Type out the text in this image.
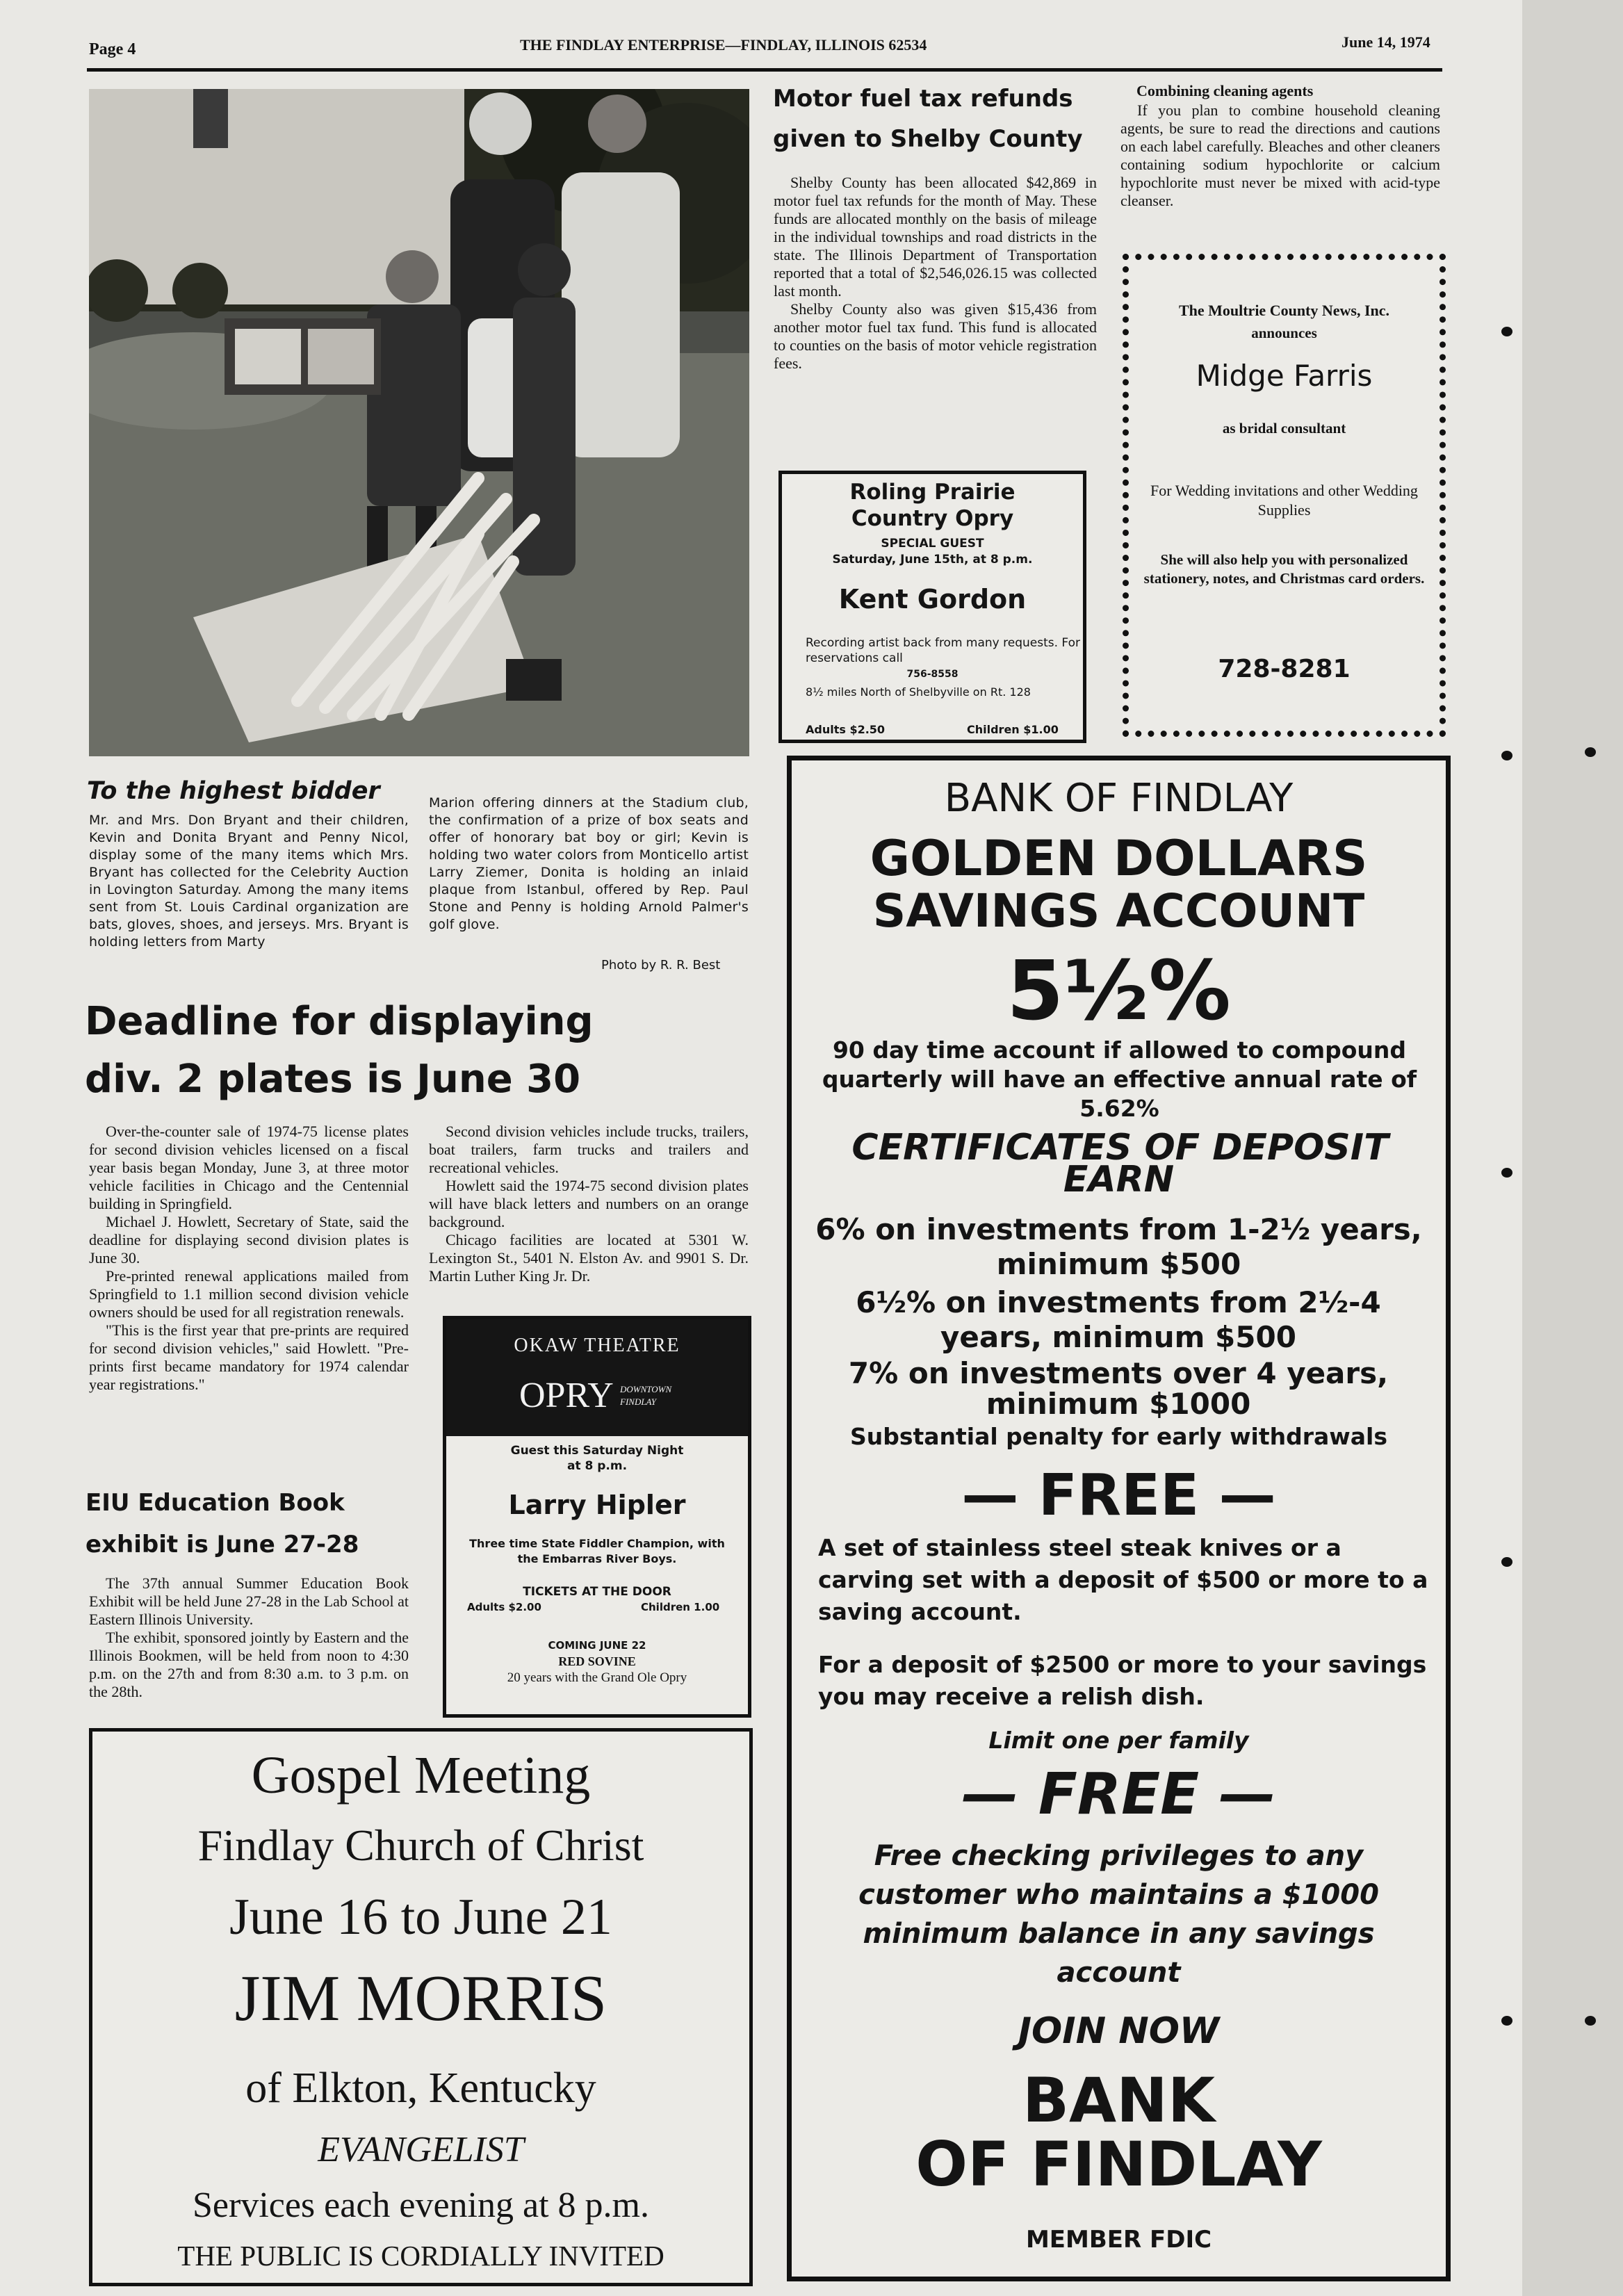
Page 4	THE FINDLAY ENTERPRISE—FINDLAY, ILLINOIS 62534	June 14, 1974
To the highest bidder
Mr. and Mrs. Don Bryant and their children, Kevin and Donita Bryant and Penny Nicol, display some of the many items which Mrs. Bryant has collected for the Celebrity Auction in Lovington Saturday. Among the many items sent from St. Louis Cardinal organization are bats, gloves, shoes, and jerseys. Mrs. Bryant is holding letters from Marty
Marion offering dinners at the Stadium club, the confirmation of a prize of box seats and offer of honorary bat boy or girl; Kevin is holding two water colors from Monticello artist Larry Ziemer, Donita is holding an inlaid plaque from Istanbul, offered by Rep. Paul Stone and Penny is holding Arnold Palmer's golf glove.
Photo by R. R. Best
Motor fuel tax refunds
given to Shelby County

Shelby County has been allocated $42,869 in motor fuel tax refunds for the month of May. These funds are allocated monthly on the basis of mileage in the individual townships and road districts in the state. The Illinois Department of Transportation reported that a total of $2,546,026.15 was collected last month.

Shelby County also was given $15,436 from another motor fuel tax fund. This fund is allocated to counties on the basis of motor vehicle registration fees.

Combining cleaning agents

If you plan to combine household cleaning agents, be sure to read the directions and cautions on each label carefully. Bleaches and other cleaners containing sodium hypochlorite or calcium hypochlorite must never be mixed with acid-type cleanser.

The Moultrie County News, Inc.
announces
Midge Farris
as bridal consultant
For Wedding invitations and other Wedding Supplies
She will also help you with personalized stationery, notes, and Christmas card orders.
728-8281
Roling Prairie
Country Opry
SPECIAL GUEST
Saturday, June 15th, at 8 p.m.
Kent Gordon
Recording artist back from many requests. For reservations call
756-8558
8½ miles North of Shelbyville on Rt. 128
Adults $2.50	Children $1.00
BANK OF FINDLAY
GOLDEN DOLLARS
SAVINGS ACCOUNT
5½%
90 day time account if allowed to compound quarterly will have an effective annual rate of 5.62%
CERTIFICATES OF DEPOSIT
EARN
6% on investments from 1-2½ years, minimum $500
6½% on investments from 2½-4 years, minimum $500
7% on investments over 4 years, minimum $1000
Substantial penalty for early withdrawals
— FREE —
A set of stainless steel steak knives or a carving set with a deposit of $500 or more to a saving account.
For a deposit of $2500 or more to your savings you may receive a relish dish.
Limit one per family
— FREE —
Free checking privileges to any customer who maintains a $1000 minimum balance in any savings account
JOIN NOW
BANK
OF FINDLAY
MEMBER FDIC
Deadline for displaying
div. 2 plates is June 30

Over-the-counter sale of 1974-75 license plates for second division vehicles licensed on a fiscal year basis began Monday, June 3, at three motor vehicle facilities in Chicago and the Centennial building in Springfield.

Michael J. Howlett, Secretary of State, said the deadline for displaying second division plates is June 30.

Pre-printed renewal applications mailed from Springfield to 1.1 million second division vehicle owners should be used for all registration renewals.

"This is the first year that pre-prints are required for second division vehicles," said Howlett. "Pre-prints first became mandatory for 1974 calendar year registrations."

Second division vehicles include trucks, trailers, boat trailers, farm trucks and trailers and recreational vehicles.

Howlett said the 1974-75 second division plates will have black letters and numbers on an orange background.

Chicago facilities are located at 5301 W. Lexington St., 5401 N. Elston Av. and 9901 S. Dr. Martin Luther King Jr. Dr.

EIU Education Book
exhibit is June 27-28

The 37th annual Summer Education Book Exhibit will be held June 27-28 in the Lab School at Eastern Illinois University.

The exhibit, sponsored jointly by Eastern and the Illinois Bookmen, will be held from noon to 4:30 p.m. on the 27th and from 8:30 a.m. to 3 p.m. on the 28th.

OKAW THEATRE
OPRY DOWNTOWN FINDLAY
Guest this Saturday Night at 8 p.m.
Larry Hipler
Three time State Fiddler Champion, with the Embarras River Boys.
TICKETS AT THE DOOR
Adults $2.00	Children 1.00
COMING JUNE 22
RED SOVINE
20 years with the Grand Ole Opry
Gospel Meeting
Findlay Church of Christ
June 16 to June 21
JIM MORRIS
of Elkton, Kentucky
EVANGELIST
Services each evening at 8 p.m.
THE PUBLIC IS CORDIALLY INVITED
